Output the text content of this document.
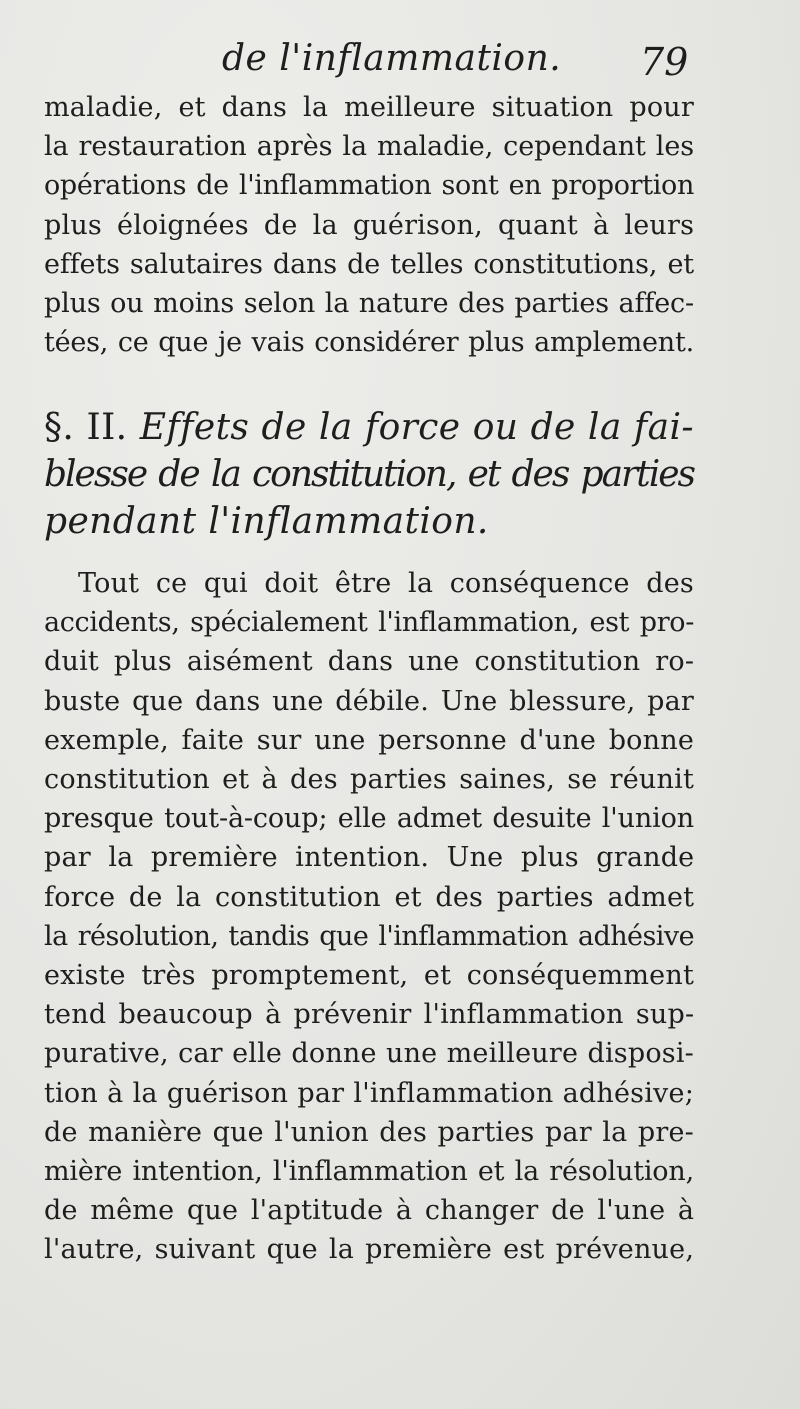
de l'inflammation. 79
maladie, et dans la meilleure situation pour
la restauration après la maladie, cependant les
opérations de l'inflammation sont en proportion
plus éloignées de la guérison, quant à leurs
effets salutaires dans de telles constitutions, et
plus ou moins selon la nature des parties affec-
tées, ce que je vais considérer plus amplement.
§. II. Effets de la force ou de la fai-
blesse de la constitution, et des parties
pendant l'inflammation.
Tout ce qui doit être la conséquence des
accidents, spécialement l'inflammation, est pro-
duit plus aisément dans une constitution ro-
buste que dans une débile. Une blessure, par
exemple, faite sur une personne d'une bonne
constitution et à des parties saines, se réunit
presque tout-à-coup; elle admet desuite l'union
par la première intention. Une plus grande
force de la constitution et des parties admet
la résolution, tandis que l'inflammation adhésive
existe très promptement, et conséquemment
tend beaucoup à prévenir l'inflammation sup-
purative, car elle donne une meilleure disposi-
tion à la guérison par l'inflammation adhésive;
de manière que l'union des parties par la pre-
mière intention, l'inflammation et la résolution,
de même que l'aptitude à changer de l'une à
l'autre, suivant que la première est prévenue,
